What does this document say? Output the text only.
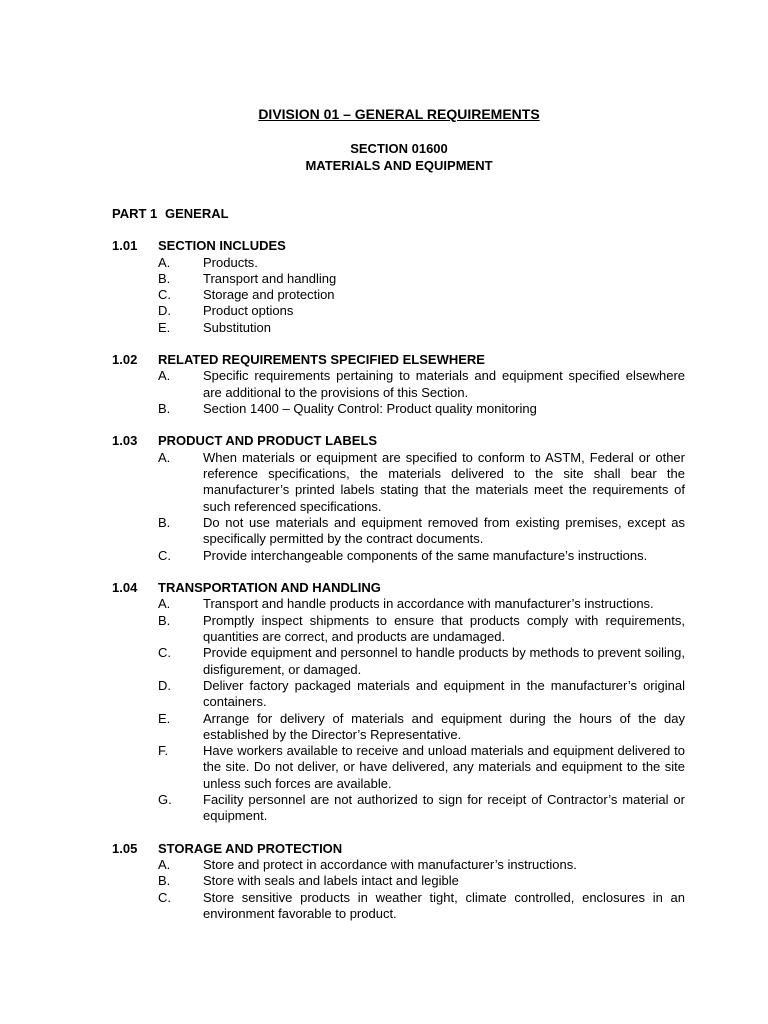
DIVISION 01 – GENERAL REQUIREMENTS
SECTION 01600
MATERIALS AND EQUIPMENT
PART 1 GENERAL
1.01	SECTION INCLUDES
A.	Products.
B.	Transport and handling
C.	Storage and protection
D.	Product options
E.	Substitution
1.02	RELATED REQUIREMENTS SPECIFIED ELSEWHERE
A.	Specific requirements pertaining to materials and equipment specified elsewhere are additional to the provisions of this Section.
B.	Section 1400 – Quality Control: Product quality monitoring
1.03	PRODUCT AND PRODUCT LABELS
A.	When materials or equipment are specified to conform to ASTM, Federal or other reference specifications, the materials delivered to the site shall bear the manufacturer’s printed labels stating that the materials meet the requirements of such referenced specifications.
B.	Do not use materials and equipment removed from existing premises, except as specifically permitted by the contract documents.
C.	Provide interchangeable components of the same manufacture’s instructions.
1.04	TRANSPORTATION AND HANDLING
A.	Transport and handle products in accordance with manufacturer’s instructions.
B.	Promptly inspect shipments to ensure that products comply with requirements, quantities are correct, and products are undamaged.
C.	Provide equipment and personnel to handle products by methods to prevent soiling, disfigurement, or damaged.
D.	Deliver factory packaged materials and equipment in the manufacturer’s original containers.
E.	Arrange for delivery of materials and equipment during the hours of the day established by the Director’s Representative.
F.	Have workers available to receive and unload materials and equipment delivered to the site. Do not deliver, or have delivered, any materials and equipment to the site unless such forces are available.
G.	Facility personnel are not authorized to sign for receipt of Contractor’s material or equipment.
1.05	STORAGE AND PROTECTION
A.	Store and protect in accordance with manufacturer’s instructions.
B.	Store with seals and labels intact and legible
C.	Store sensitive products in weather tight, climate controlled, enclosures in an environment favorable to product.
